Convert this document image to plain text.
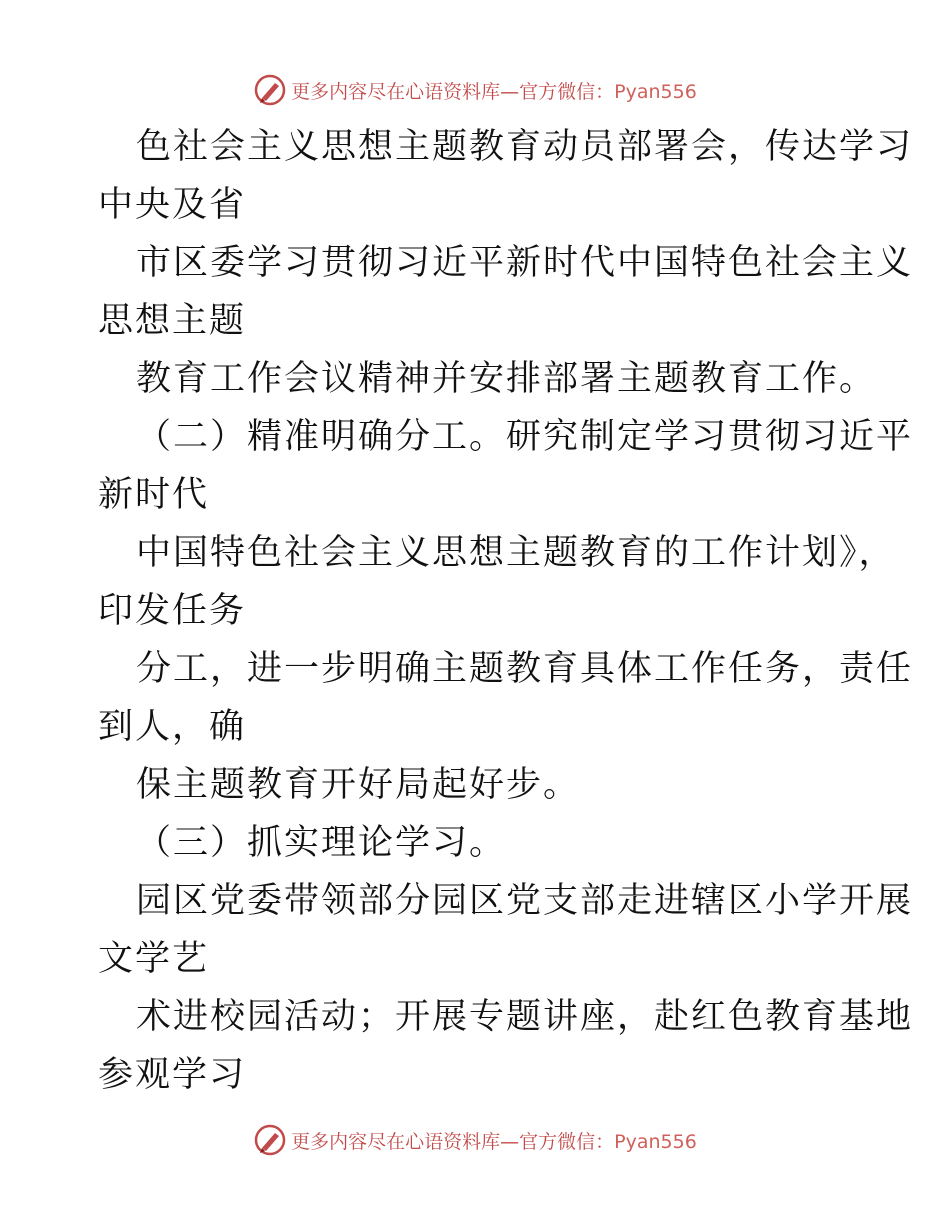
更多内容尽在心语资料库—官方微信：Pyan556
色社会主义思想主题教育动员部署会，传达学习
中央及省
市区委学习贯彻习近平新时代中国特色社会主义
思想主题
教育工作会议精神并安排部署主题教育工作。
（二）精准明确分工。研究制定学习贯彻习近平
新时代
中国特色社会主义思想主题教育的工作计划》，
印发任务
分工，进一步明确主题教育具体工作任务，责任
到人，确
保主题教育开好局起好步。
（三）抓实理论学习。
园区党委带领部分园区党支部走进辖区小学开展
文学艺
术进校园活动；开展专题讲座，赴红色教育基地
参观学习
更多内容尽在心语资料库—官方微信：Pyan556
